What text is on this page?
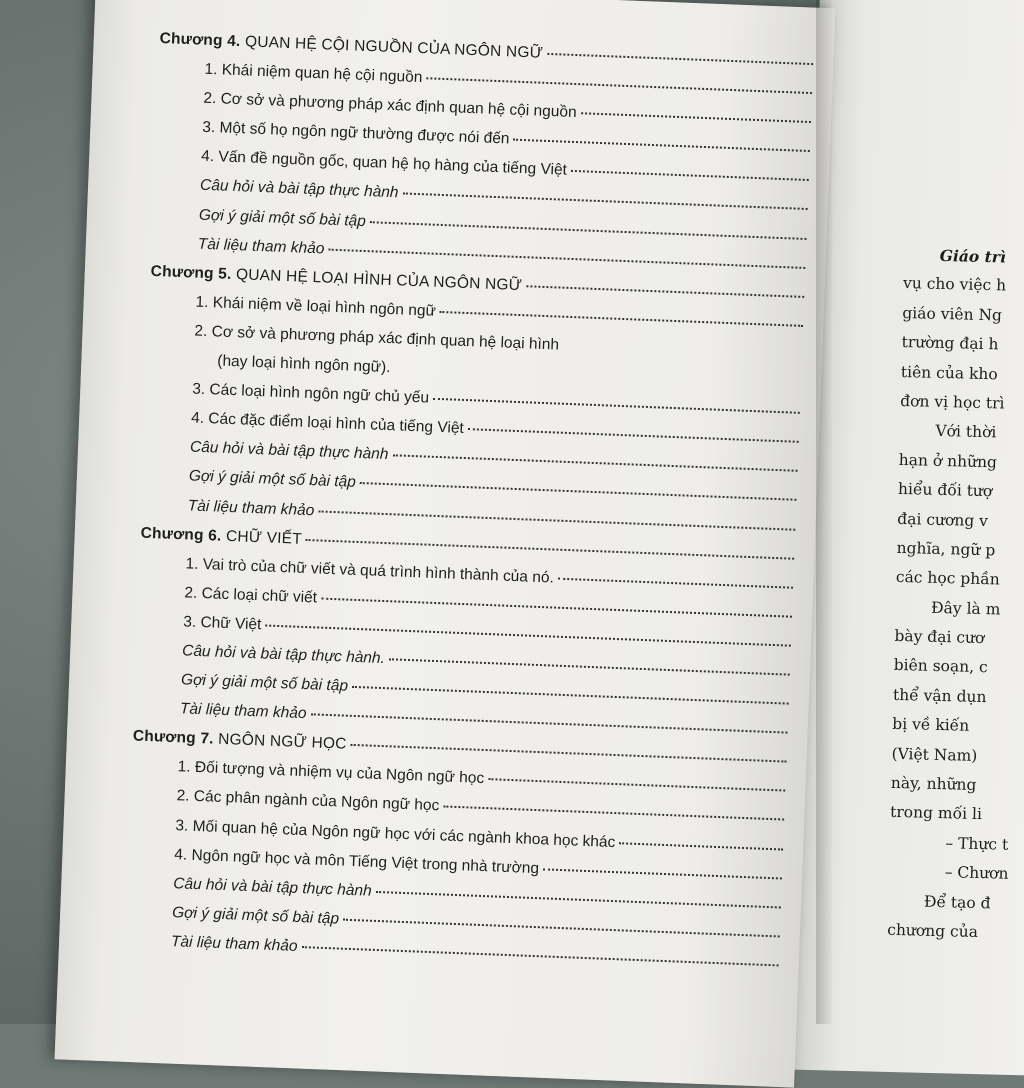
Chương 4. QUAN HỆ CỘI NGUỒN CỦA NGÔN NGỮ
1. Khái niệm quan hệ cội nguồn
2. Cơ sở và phương pháp xác định quan hệ cội nguồn
3. Một số họ ngôn ngữ thường được nói đến
4. Vấn đề nguồn gốc, quan hệ họ hàng của tiếng Việt
Câu hỏi và bài tập thực hành
Gợi ý giải một số bài tập
Tài liệu tham khảo
Chương 5. QUAN HỆ LOẠI HÌNH CỦA NGÔN NGỮ
1. Khái niệm về loại hình ngôn ngữ
2. Cơ sở và phương pháp xác định quan hệ loại hình
(hay loại hình ngôn ngữ).
3. Các loại hình ngôn ngữ chủ yếu
4. Các đặc điểm loại hình của tiếng Việt
Câu hỏi và bài tập thực hành
Gợi ý giải một số bài tập
Tài liệu tham khảo
Chương 6. CHỮ VIẾT
1. Vai trò của chữ viết và quá trình hình thành của nó.
2. Các loại chữ viết
3. Chữ Việt
Câu hỏi và bài tập thực hành.
Gợi ý giải một số bài tập
Tài liệu tham khảo
Chương 7. NGÔN NGỮ HỌC
1. Đối tượng và nhiệm vụ của Ngôn ngữ học
2. Các phân ngành của Ngôn ngữ học
3. Mối quan hệ của Ngôn ngữ học với các ngành khoa học khác
4. Ngôn ngữ học và môn Tiếng Việt trong nhà trường
Câu hỏi và bài tập thực hành
Gợi ý giải một số bài tập
Tài liệu tham khảo
Giáo trì
vụ cho việc h
giáo viên Ng
trường đại h
tiên của kho
đơn vị học trì
Với thời
hạn ở những
hiểu đối tượ
đại cương v
nghĩa, ngữ p
các học phần
Đây là m
bày đại cươ
biên soạn, c
thể vận dụn
bị về kiến
(Việt Nam)
này, những
trong mối li
– Thực t
– Chươn
Để tạo đ
chương của
